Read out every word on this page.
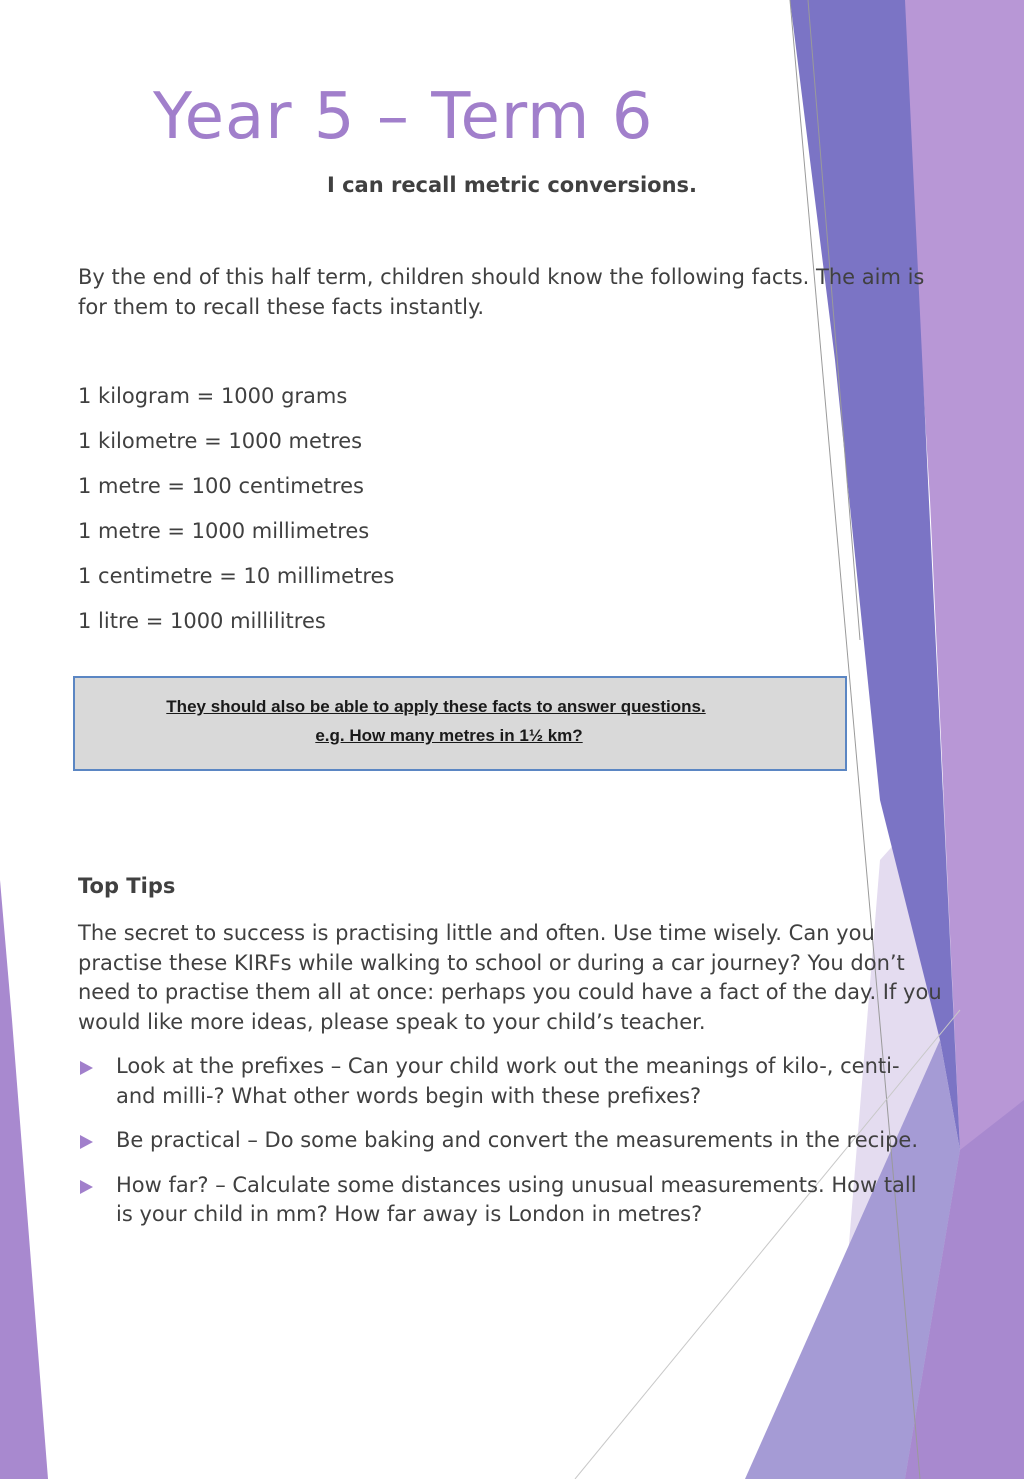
Year 5 – Term 6
I can recall metric conversions.
By the end of this half term, children should know the following facts. The aim is for them to recall these facts instantly.
1 kilogram = 1000 grams
1 kilometre = 1000 metres
1 metre = 100 centimetres
1 metre = 1000 millimetres
1 centimetre = 10 millimetres
1 litre = 1000 millilitres
They should also be able to apply these facts to answer questions.
e.g. How many metres in 1½ km?
Top Tips
The secret to success is practising little and often. Use time wisely. Can you practise these KIRFs while walking to school or during a car journey? You don’t need to practise them all at once: perhaps you could have a fact of the day. If you would like more ideas, please speak to your child’s teacher.
Look at the prefixes – Can your child work out the meanings of kilo-, centi- and milli-? What other words begin with these prefixes?
Be practical – Do some baking and convert the measurements in the recipe.
How far? – Calculate some distances using unusual measurements. How tall is your child in mm? How far away is London in metres?
